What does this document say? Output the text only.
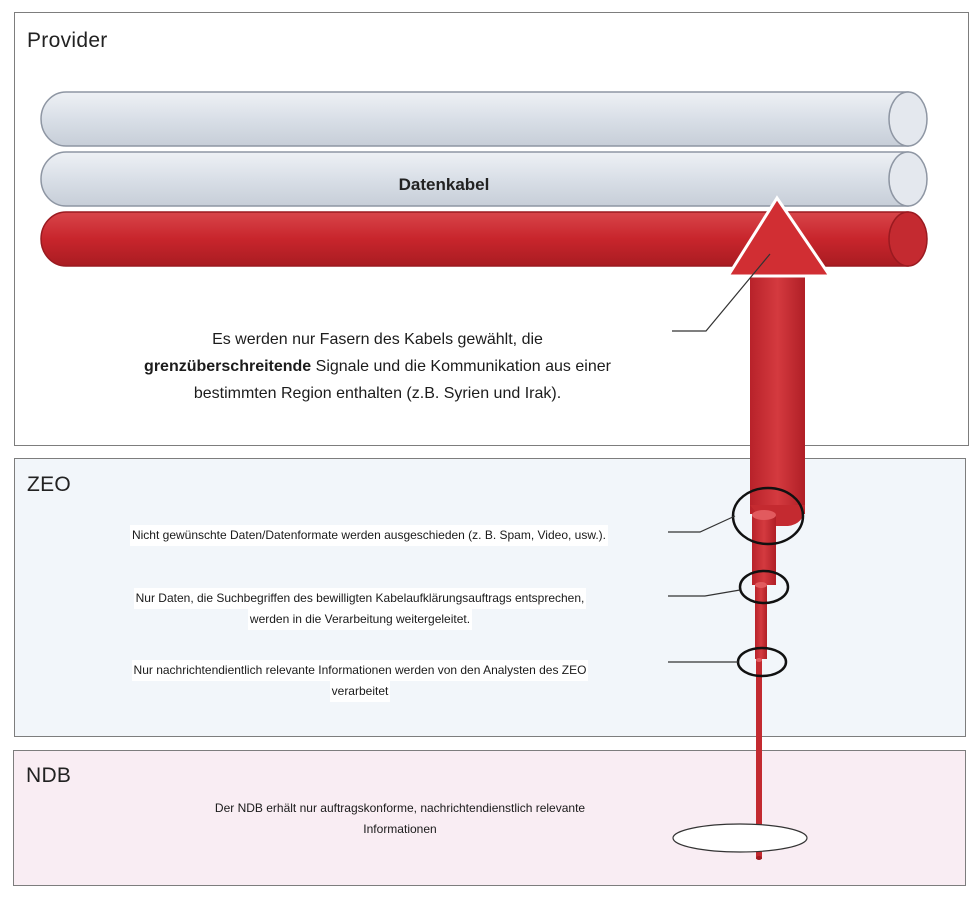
Provider
ZEO
NDB
Datenkabel
Es werden nur Fasern des Kabels gewählt, die
grenzüberschreitende Signale und die Kommunikation aus einer
bestimmten Region enthalten (z.B. Syrien und Irak).
Nicht gewünschte Daten/Datenformate werden ausgeschieden (z. B. Spam, Video, usw.).
Nur Daten, die Suchbegriffen des bewilligten Kabelaufklärungsauftrags entsprechen,
werden in die Verarbeitung weitergeleitet.
Nur nachrichtendientlich relevante Informationen werden von den Analysten des ZEO
verarbeitet
Der NDB erhält nur auftragskonforme, nachrichtendienstlich relevante
Informationen
